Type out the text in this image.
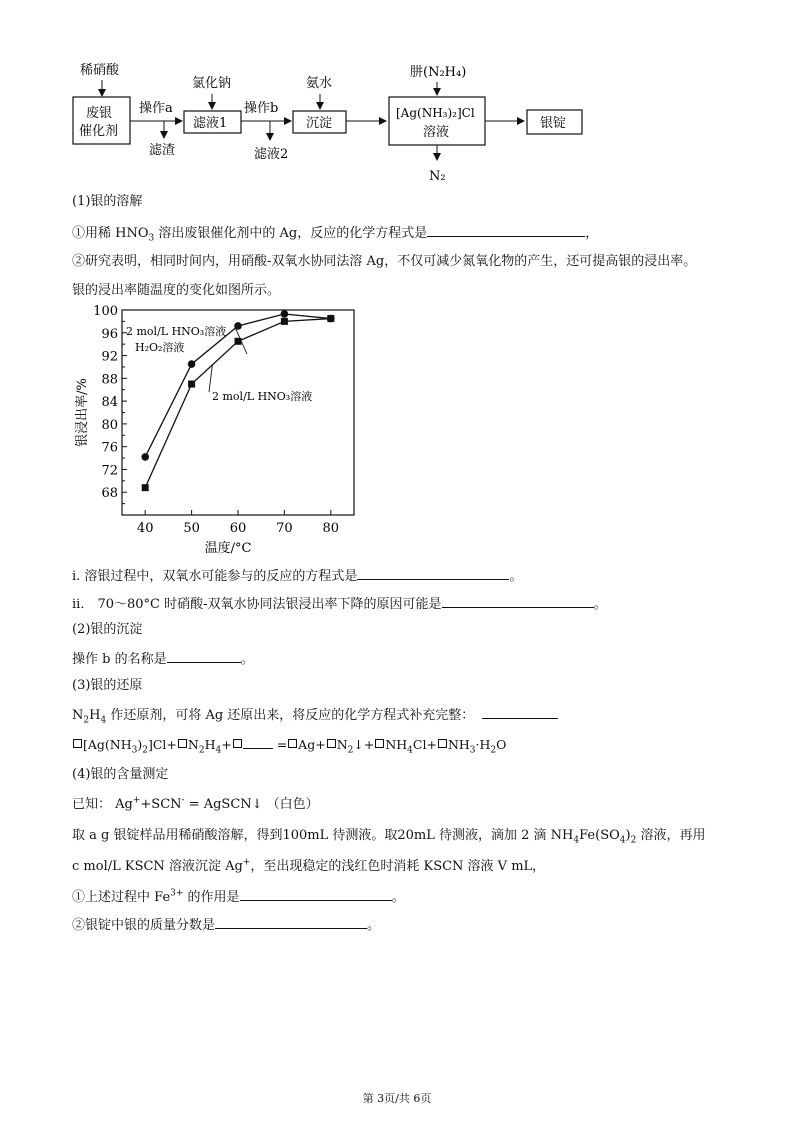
稀硝酸
废银
催化剂
操作a
滤渣
滤液1
氯化钠
操作b
滤液2
沉淀
氨水
[Ag(NH₃)₂]Cl
溶液
肼(N₂H₄)
N₂
银锭
(1)银的溶解
①用稀 $HNO_3$ 溶出废银催化剂中的 Ag，反应的化学方程式是	，
②研究表明，相同时间内，用硝酸-双氧水协同法溶 Ag，不仅可减少氮氧化物的产生，还可提高银的浸出率。
银的浸出率随温度的变化如图所示。
40 50 60 70 80
100
96
92
88
84
80
76
72
68
温度/°C
银浸出率/%
2 mol/L HNO₃溶液
H₂O₂溶液
2 mol/L HNO₃溶液
i. 溶银过程中，双氧水可能参与的反应的方程式是	。
ⅱ． 70～80°C 时硝酸-双氧水协同法银浸出率下降的原因可能是	。
(2)银的沉淀
操作 b 的名称是	。
(3)银的还原
$N_2H_4$ 作还原剂，可将 Ag 还原出来，将反应的化学方程式补充完整：
$[Ag(NH_3)_2]Cl+ N_2H_4+$	= $Ag+ N_2↓+ NH_4Cl+ NH_3\cdot H_2O$
(4)银的含量测定
已知： Ag++SCN- = AgSCN↓ （白色）
取 a g 银锭样品用稀硝酸溶解，得到100mL 待测液。取20mL 待测液，滴加 2 滴 $NH_4Fe(SO_4)_2$ 溶液，再用
c mol/L KSCN 溶液沉淀 Ag+，至出现稳定的浅红色时消耗 KSCN 溶液 V mL，
①上述过程中 $Fe^{3+}$ 的作用是	。
②银锭中银的质量分数是	。
第 3页/共 6页
